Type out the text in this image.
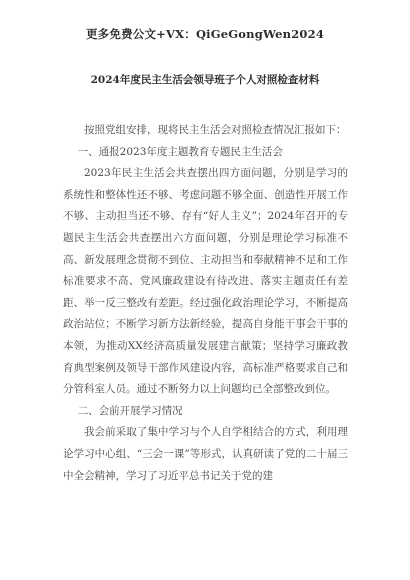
更多免费公文+VX：QiGeGongWen2024
2024年度民主生活会领导班子个人对照检查材料

按照党组安排，现将民主生活会对照检查情况汇报如下：

一、通报2023年度主题教育专题民主生活会

2023年民主生活会共查摆出四方面问题，分别是学习的系统性和整体性还不够、考虑问题不够全面、创造性开展工作不够、主动担当还不够、存有“好人主义”；2024年召开的专题民主生活会共查摆出六方面问题，分别是理论学习标准不高、新发展理念贯彻不到位、主动担当和奉献精神不足和工作标准要求不高、党风廉政建设有待改进、落实主题责任有差距、举一反三整改有差距。经过强化政治理论学习，不断提高政治站位；不断学习新方法新经验，提高自身能干事会干事的本领，为推动XX经济高质量发展建言献策；坚持学习廉政教育典型案例及领导干部作风建设内容，高标准严格要求自己和分管科室人员。通过不断努力以上问题均已全部整改到位。

二、会前开展学习情况

我会前采取了集中学习与个人自学相结合的方式，利用理论学习中心组、“三会一课”等形式，认真研读了党的二十届三中全会精神，学习了习近平总书记关于党的建
